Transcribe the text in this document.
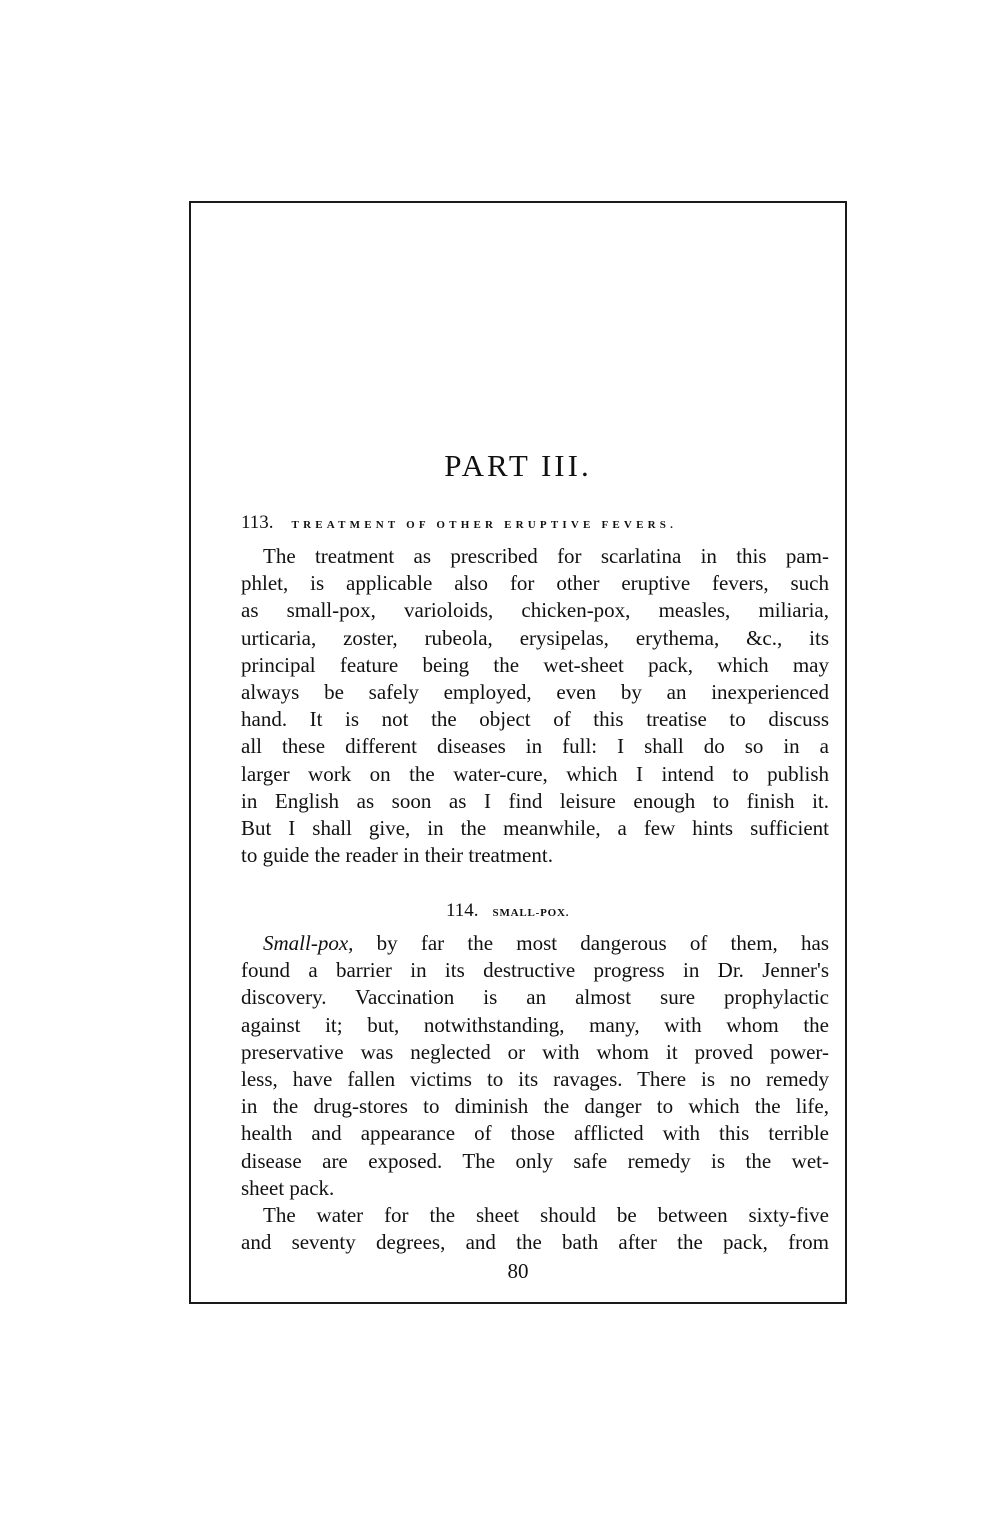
PART III.
113. TREATMENT OF OTHER ERUPTIVE FEVERS.
The treatment as prescribed for scarlatina in this pam-
phlet, is applicable also for other eruptive fevers, such
as small-pox, varioloids, chicken-pox, measles, miliaria,
urticaria, zoster, rubeola, erysipelas, erythema, &c., its
principal feature being the wet-sheet pack, which may
always be safely employed, even by an inexperienced
hand. It is not the object of this treatise to discuss
all these different diseases in full: I shall do so in a
larger work on the water-cure, which I intend to publish
in English as soon as I find leisure enough to finish it.
But I shall give, in the meanwhile, a few hints sufficient
to guide the reader in their treatment.
114. SMALL-POX.
Small-pox, by far the most dangerous of them, has
found a barrier in its destructive progress in Dr. Jenner's
discovery. Vaccination is an almost sure prophylactic
against it; but, notwithstanding, many, with whom the
preservative was neglected or with whom it proved power-
less, have fallen victims to its ravages. There is no remedy
in the drug-stores to diminish the danger to which the life,
health and appearance of those afflicted with this terrible
disease are exposed. The only safe remedy is the wet-
sheet pack.
The water for the sheet should be between sixty-five
and seventy degrees, and the bath after the pack, from
80
